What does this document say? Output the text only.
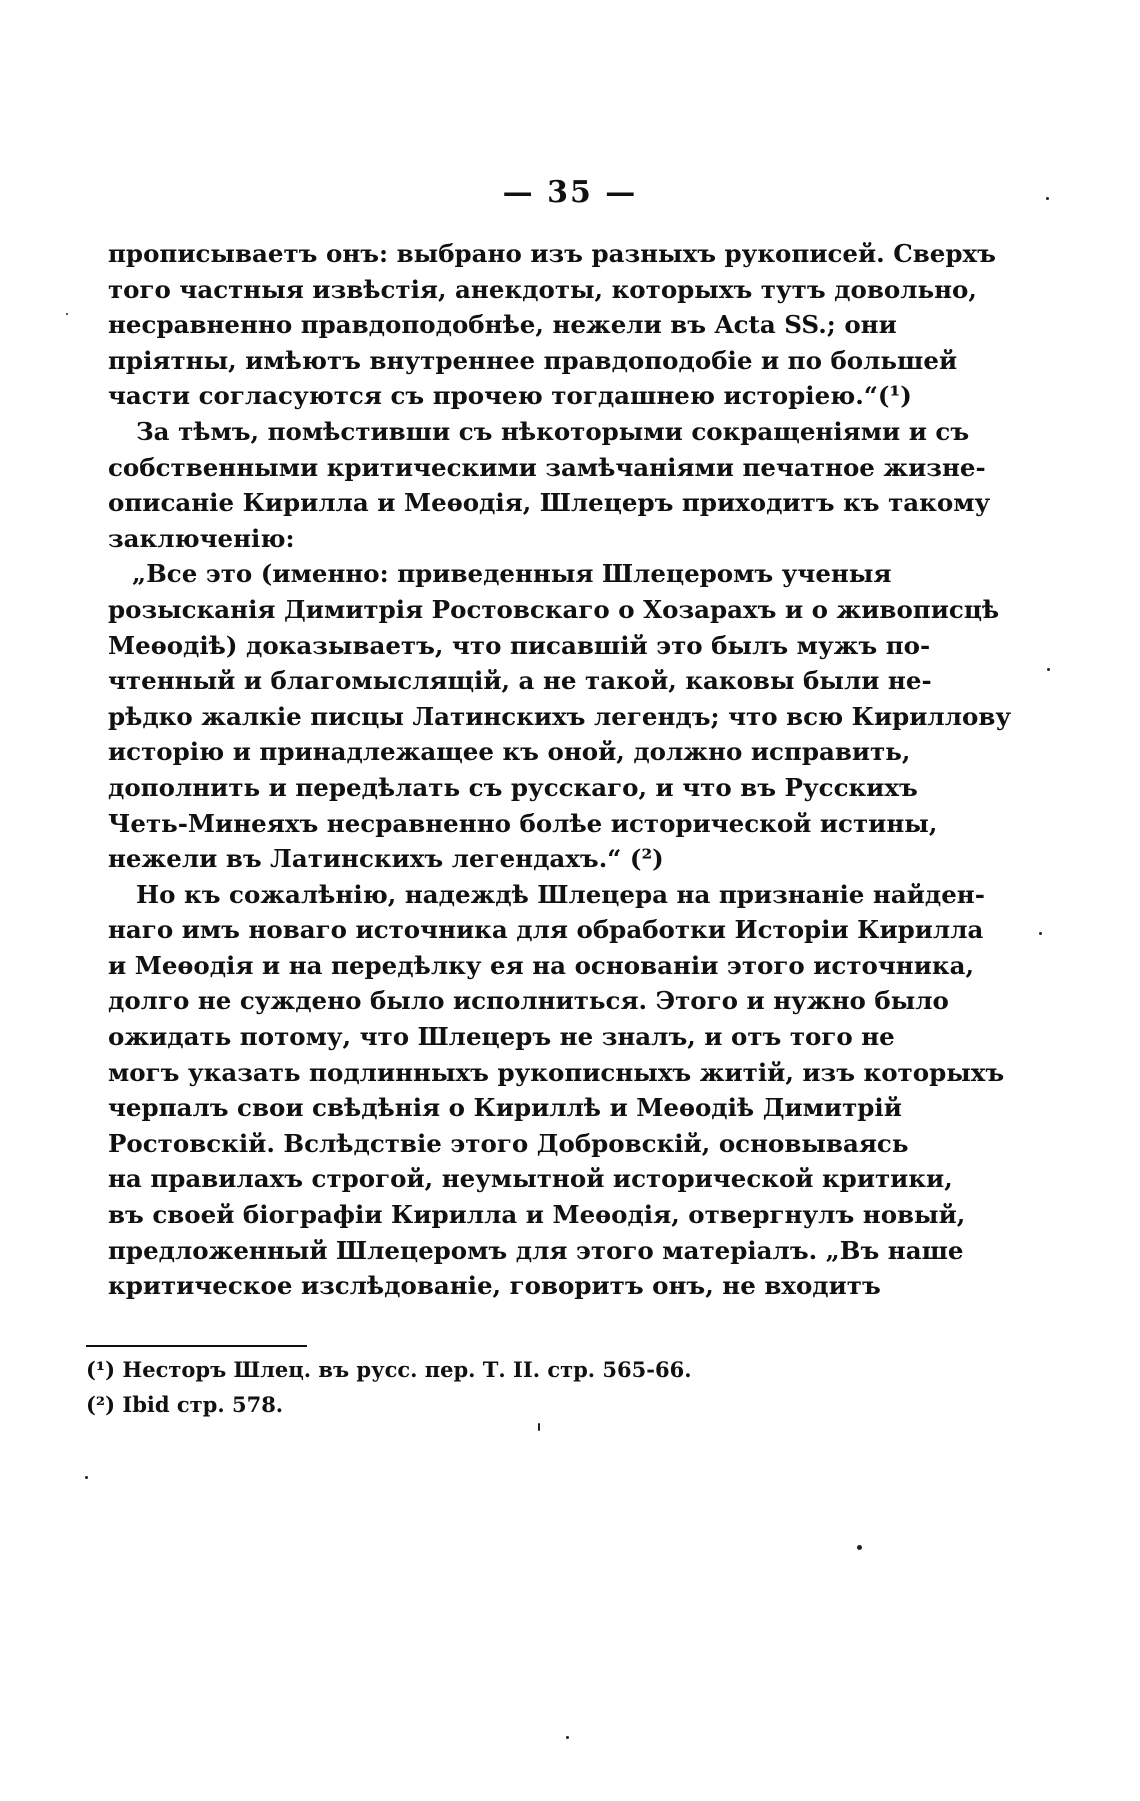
— 35 —
прописываетъ онъ: выбрано изъ разныхъ рукописей. Сверхъ
того частныя извѣстія, анекдоты, которыхъ тутъ довольно,
несравненно правдоподобнѣе, нежели въ Acta SS.; они
пріятны, имѣютъ внутреннее правдоподобіе и по большей
части согласуются съ прочею тогдашнею исторіею.“(¹)
За тѣмъ, помѣстивши съ нѣкоторыми сокращеніями и съ
собственными критическими замѣчаніями печатное жизне-
описаніе Кирилла и Меѳодія, Шлецеръ приходитъ къ такому
заключенію:
„Все это (именно: приведенныя Шлецеромъ ученыя
розысканія Димитрія Ростовскаго о Хозарахъ и о живописцѣ
Меѳодіѣ) доказываетъ, что писавшій это былъ мужъ по-
чтенный и благомыслящій, а не такой, каковы были не-
рѣдко жалкіе писцы Латинскихъ легендъ; что всю Кириллову
исторію и принадлежащее къ оной, должно исправить,
дополнить и передѣлать съ русскаго, и что въ Русскихъ
Четь-Минеяхъ несравненно болѣе исторической истины,
нежели въ Латинскихъ легендахъ.“ (²)
Но къ сожалѣнію, надеждѣ Шлецера на признаніе найден-
наго имъ новаго источника для обработки Исторіи Кирилла
и Меѳодія и на передѣлку ея на основаніи этого источника,
долго не суждено было исполниться. Этого и нужно было
ожидать потому, что Шлецеръ не зналъ, и отъ того не
могъ указать подлинныхъ рукописныхъ житій, изъ которыхъ
черпалъ свои свѣдѣнія о Кириллѣ и Меѳодіѣ Димитрій
Ростовскій. Вслѣдствіе этого Добровскій, основываясь
на правилахъ строгой, неумытной исторической критики,
въ своей біографіи Кирилла и Меѳодія, отвергнулъ новый,
предложенный Шлецеромъ для этого матеріалъ. „Въ наше
критическое изслѣдованіе, говоритъ онъ, не входитъ
(¹) Несторъ Шлец. въ русс. пер. Т. II. стр. 565-66.
(²) Ibid стр. 578.
